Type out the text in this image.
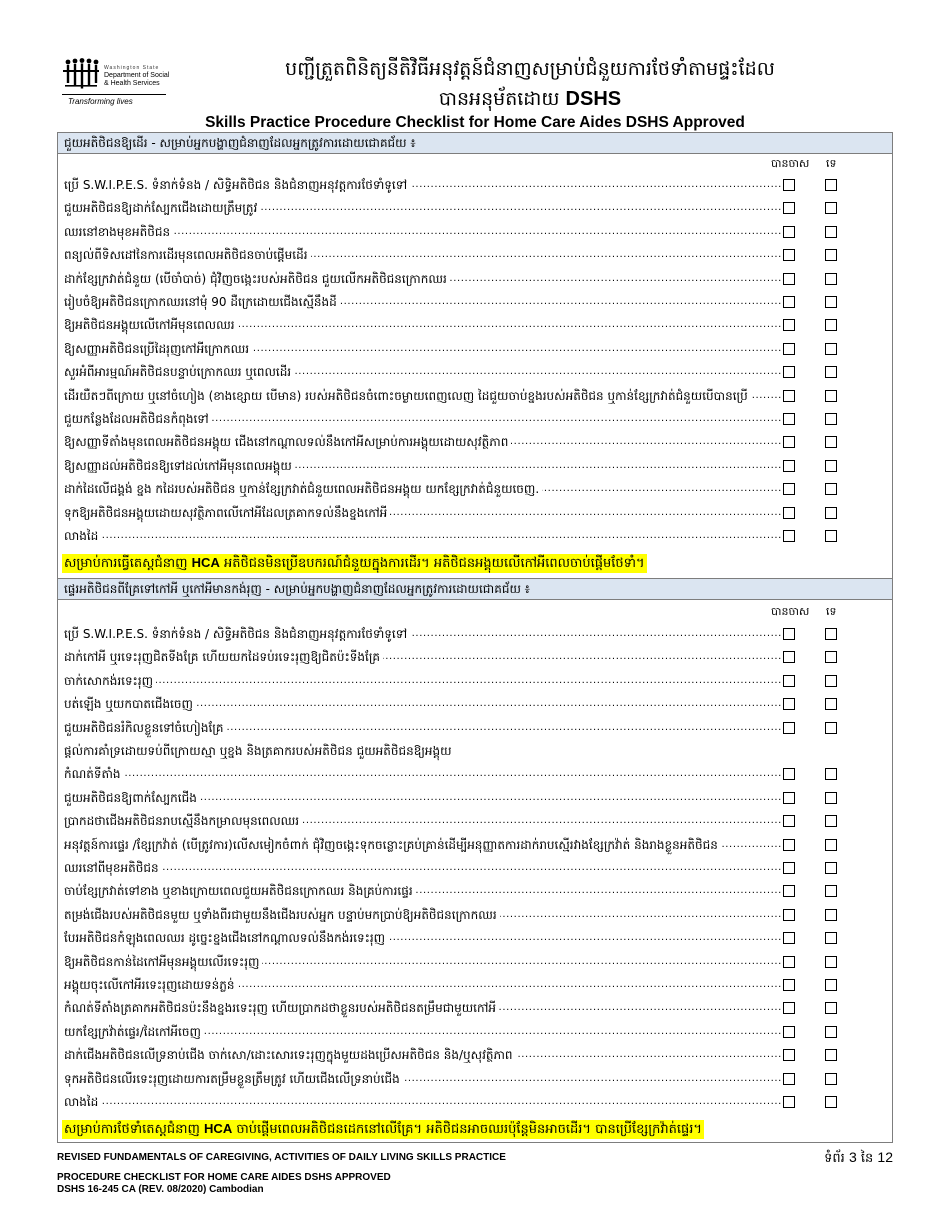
Washington State
Department of Social
& Health Services
Transforming lives
បញ្ជីត្រួតពិនិត្យនីតិវិធីអនុវត្តន៍ជំនាញសម្រាប់ជំនួយការថែទាំតាមផ្ទះដែល
បានអនុម័តដោយ DSHS
Skills Practice Procedure Checklist for Home Care Aides DSHS Approved
ជួយអតិថិជនឱ្យដើរ - សម្រាប់អ្នកបង្ហាញជំនាញដែលអ្នកត្រូវការដោយជោគជ័យ ៖
បានចាស ទេ
ប្រើ S.W.I.P.E.S. ទំនាក់ទំនង / សិទ្ធិអតិថិជន និងជំនាញអនុវត្តការថែទាំទូទៅ .....
ជួយអតិថិជនឱ្យដាក់ស្បែកជើងដោយត្រឹមត្រូវ .....
ឈរនៅខាងមុខអតិថិជន .....
ពន្យល់ពីទិសដៅនៃការដើរមុនពេលអតិថិជនចាប់ផ្តើមដើរ .....
ដាក់ខ្សែក្រវាត់ជំនួយ (បើចាំបាច់) ជុំវិញចង្កេះរបស់អតិថិជន ជួយលើកអតិថិជនក្រោកឈរ .....
រៀបចំឱ្យអតិថិជនក្រោកឈរនៅមុំ 90 ដឺក្រេដោយជើងស្មើនឹងដី .....
ឱ្យអតិថិជនអង្គុយលើកៅអីមុនពេលឈរ .....
ឱ្យសញ្ញាអតិថិជនប្រើដៃរុញកៅអីក្រោកឈរ .....
សួរអំពីអារម្មណ៍អតិថិជនបន្ទាប់ក្រោកឈរ ឬពេលដើរ .....
ដើរយឺតៗពីក្រោយ ឬនៅចំហៀង (ខាងខ្សោយ បើមាន) របស់អតិថិជនចំពោះចម្ងាយពេញលេញ ដៃជួយចាប់ខ្នងរបស់អតិថិជន ឬកាន់ខ្សែក្រវាត់ជំនួយបើបានប្រើ .....
ជួយកន្លែងដែលអតិថិជនកំពុងទៅ .....
ឱ្យសញ្ញាទីតាំងមុនពេលអតិថិជនអង្គុយ ជើងនៅកណ្តាលទល់នឹងកៅអីសម្រាប់ការអង្គុយដោយសុវត្ថិភាព .....
ឱ្យសញ្ញាដល់អតិថិជនឱ្យទៅដល់កៅអីមុនពេលអង្គុយ .....
ដាក់ដៃលើជង្គង់ ខ្នង កដៃរបស់អតិថិជន ឬកាន់ខ្សែក្រវាត់ជំនួយពេលអតិថិជនអង្គុយ យកខ្សែក្រវាត់ជំនួយចេញ. .....
ទុកឱ្យអតិថិជនអង្គុយដោយសុវត្ថិភាពលើកៅអីដែលត្រគាកទល់នឹងខ្នងកៅអី .....
លាងដៃ .....
សម្រាប់ការធ្វើតេស្តជំនាញ HCA អតិថិជនមិនប្រើឧបករណ៍ជំនួយក្នុងការដើរ។ អតិថិជនអង្គុយលើកៅអីពេលចាប់ផ្តើមថែទាំ។
ផ្ទេរអតិថិជនពីគ្រែទៅកៅអី ឬកៅអីមានកង់រុញ - សម្រាប់អ្នកបង្ហាញជំនាញដែលអ្នកត្រូវការដោយជោគជ័យ ៖
បានចាស ទេ
ប្រើ S.W.I.P.E.S. ទំនាក់ទំនង / សិទ្ធិអតិថិជន និងជំនាញអនុវត្តការថែទាំទូទៅ .....
ដាក់កៅអី ឬរទេះរុញជិតទីងគ្រែ ហើយយកដៃទប់រទេះរុញឱ្យជិតប៉ះទីងគ្រែ .....
ចាក់សោកង់រទេះរុញ .....
បត់ឡើង ឬយកបាតជើងចេញ .....
ជួយអតិថិជនរំកិលខ្លួនទៅចំហៀងគ្រែ .....
ផ្តល់ការគាំទ្រដោយទប់ពីក្រោយស្មា ឬខ្នង និងត្រគាករបស់អតិថិជន ជួយអតិថិជនឱ្យអង្គុយ
កំណត់ទីតាំង .....
ជួយអតិថិជនឱ្យពាក់ស្បែកជើង .....
ប្រាកដថាជើងអតិថិជនរាបស្មើនឹងកម្រាលមុនពេលឈរ .....
អនុវត្តន៍ការផ្ទេរ /ខ្សែក្រវ៉ាត់ (បើត្រូវការ)លើសមៀកចំពាក់ ជុំវិញចង្កេះទុកចន្លោះគ្រប់គ្រាន់ដើម្បីអនុញ្ញាតការដាក់រាបស្មើរវាងខ្សែក្រវ៉ាត់ និងរាងខ្លួនអតិថិជន .....
ឈរនៅពីមុខអតិថិជន .....
ចាប់ខ្សែក្រវាត់ទៅខាង ឬខាងក្រោយពេលជួយអតិថិជនក្រោកឈរ និងគ្រប់ការផ្ទេរ .....
តម្រង់ជើងរបស់អតិថិជនមួយ ឬទាំងពីរជាមួយនឹងជើងរបស់អ្នក បន្ទាប់មកប្រាប់ឱ្យអតិថិជនក្រោកឈរ .....
បែរអតិថិជនកំឡុងពេលឈរ ដូច្នេះខ្នងជើងនៅកណ្តាលទល់នឹងកង់រទេះរុញ .....
ឱ្យអតិថិជនកាន់ដៃកៅអីមុនអង្គុយលើរទេះរុញ .....
អង្គុយចុះលើកៅអីរទេះរុញដោយទន់ភ្លន់ .....
កំណត់ទីតាំងត្រគាកអតិថិជនប៉ះនឹងខ្នងរទេះរុញ ហើយប្រាកដថាខ្លួនរបស់អតិថិជនតម្រឹមជាមួយកៅអី .....
យកខ្សែក្រវ៉ាត់ផ្ទេរ/ដៃកៅអីចេញ .....
ដាក់ជើងអតិថិជនលើទ្រនាប់ជើង ចាក់សោ/ដោះសោរទេះរុញក្នុងមួយដងប្រើសអតិថិជន និង/ឬសុវត្ថិភាព .....
ទុកអតិថិជនលើរទេះរុញដោយការតម្រឹមខ្លួនត្រឹមត្រូវ ហើយជើងលើទ្រនាប់ជើង .....
លាងដៃ .....
សម្រាប់ការថែទាំតេស្តជំនាញ HCA ចាប់ផ្តើមពេលអតិថិជនដេកនៅលើគ្រែ។ អតិថិជនអាចឈរប៉ុន្តែមិនអាចដើរ។ បានប្រើខ្សែក្រវ៉ាត់ផ្ទេរ។
REVISED FUNDAMENTALS OF CAREGIVING, ACTIVITIES OF DAILY LIVING SKILLS PRACTICE
PROCEDURE CHECKLIST FOR HOME CARE AIDES DSHS APPROVED
DSHS 16-245 CA (REV. 08/2020) Cambodian
ទំព័រ 3 នៃ 12
